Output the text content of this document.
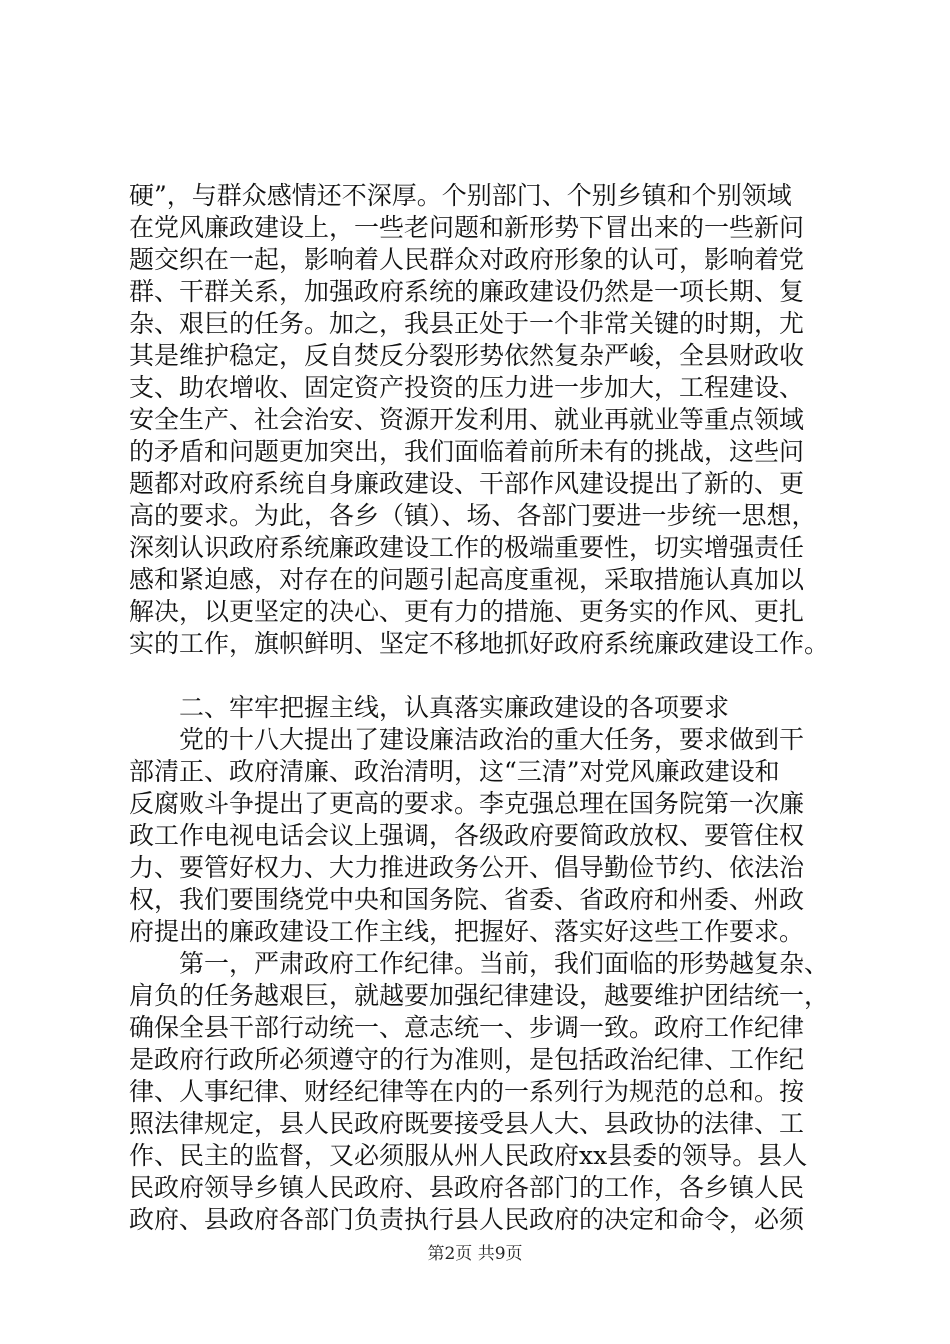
硬”，与群众感情还不深厚。个别部门、个别乡镇和个别领域
在党风廉政建设上，一些老问题和新形势下冒出来的一些新问
题交织在一起，影响着人民群众对政府形象的认可，影响着党
群、干群关系，加强政府系统的廉政建设仍然是一项长期、复
杂、艰巨的任务。加之，我县正处于一个非常关键的时期，尤
其是维护稳定，反自焚反分裂形势依然复杂严峻，全县财政收
支、助农增收、固定资产投资的压力进一步加大，工程建设、
安全生产、社会治安、资源开发利用、就业再就业等重点领域
的矛盾和问题更加突出，我们面临着前所未有的挑战，这些问
题都对政府系统自身廉政建设、干部作风建设提出了新的、更
高的要求。为此，各乡（镇）、场、各部门要进一步统一思想，
深刻认识政府系统廉政建设工作的极端重要性，切实增强责任
感和紧迫感，对存在的问题引起高度重视，采取措施认真加以
解决，以更坚定的决心、更有力的措施、更务实的作风、更扎
实的工作，旗帜鲜明、坚定不移地抓好政府系统廉政建设工作。
　　二、牢牢把握主线，认真落实廉政建设的各项要求
　　党的十八大提出了建设廉洁政治的重大任务，要求做到干
部清正、政府清廉、政治清明，这“三清”对党风廉政建设和
反腐败斗争提出了更高的要求。李克强总理在国务院第一次廉
政工作电视电话会议上强调，各级政府要简政放权、要管住权
力、要管好权力、大力推进政务公开、倡导勤俭节约、依法治
权，我们要围绕党中央和国务院、省委、省政府和州委、州政
府提出的廉政建设工作主线，把握好、落实好这些工作要求。
　　第一，严肃政府工作纪律。当前，我们面临的形势越复杂、
肩负的任务越艰巨，就越要加强纪律建设，越要维护团结统一，
确保全县干部行动统一、意志统一、步调一致。政府工作纪律
是政府行政所必须遵守的行为准则，是包括政治纪律、工作纪
律、人事纪律、财经纪律等在内的一系列行为规范的总和。按
照法律规定，县人民政府既要接受县人大、县政协的法律、工
作、民主的监督，又必须服从州人民政府xx县委的领导。县人
民政府领导乡镇人民政府、县政府各部门的工作，各乡镇人民
政府、县政府各部门负责执行县人民政府的决定和命令，必须
第2页 共9页
